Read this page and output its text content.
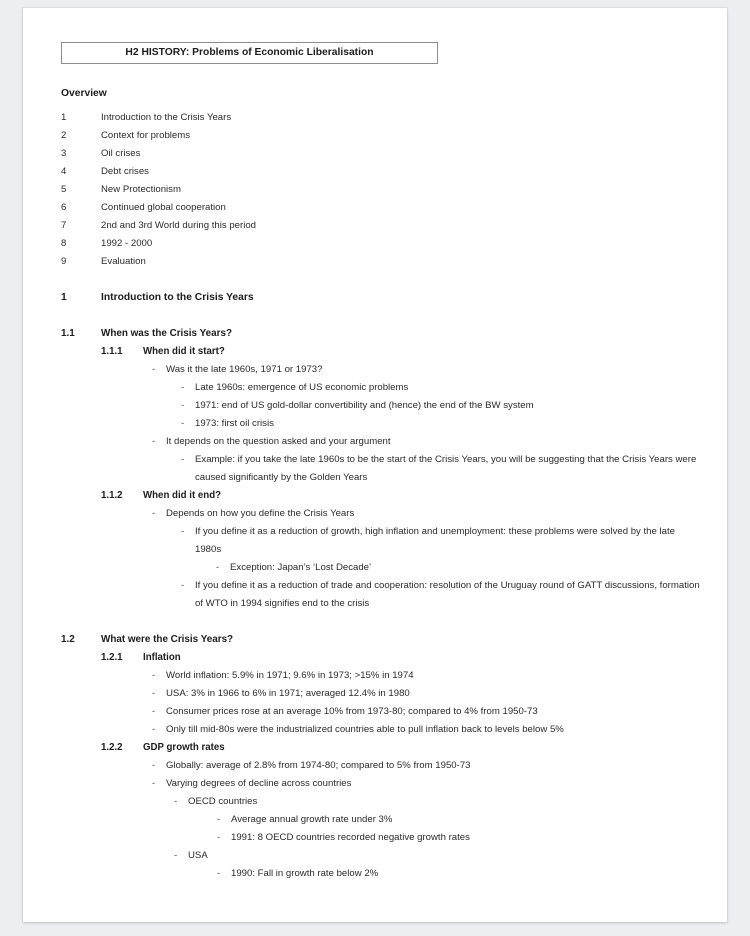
H2 HISTORY: Problems of Economic Liberalisation
Overview
1	Introduction to the Crisis Years
2	Context for problems
3	Oil crises
4	Debt crises
5	New Protectionism
6	Continued global cooperation
7	2nd and 3rd World during this period
8	1992 - 2000
9	Evaluation
1	Introduction to the Crisis Years
1.1	When was the Crisis Years?
1.1.1	When did it start?
-	Was it the late 1960s, 1971 or 1973?
-	Late 1960s: emergence of US economic problems
-	1971: end of US gold-dollar convertibility and (hence) the end of the BW system
-	1973: first oil crisis
-	It depends on the question asked and your argument
-	Example: if you take the late 1960s to be the start of the Crisis Years, you will be suggesting that the Crisis Years were caused significantly by the Golden Years
1.1.2	When did it end?
-	Depends on how you define the Crisis Years
-	If you define it as a reduction of growth, high inflation and unemployment: these problems were solved by the late 1980s
-	Exception: Japan’s ‘Lost Decade’
-	If you define it as a reduction of trade and cooperation: resolution of the Uruguay round of GATT discussions, formation of WTO in 1994 signifies end to the crisis
1.2	What were the Crisis Years?
1.2.1	Inflation
-	World inflation: 5.9% in 1971; 9.6% in 1973; >15% in 1974
-	USA: 3% in 1966 to 6% in 1971; averaged 12.4% in 1980
-	Consumer prices rose at an average 10% from 1973-80; compared to 4% from 1950-73
-	Only till mid-80s were the industrialized countries able to pull inflation back to levels below 5%
1.2.2	GDP growth rates
-	Globally: average of 2.8% from 1974-80; compared to 5% from 1950-73
-	Varying degrees of decline across countries
-	OECD countries
-	Average annual growth rate under 3%
-	1991: 8 OECD countries recorded negative growth rates
-	USA
-	1990: Fall in growth rate below 2%
